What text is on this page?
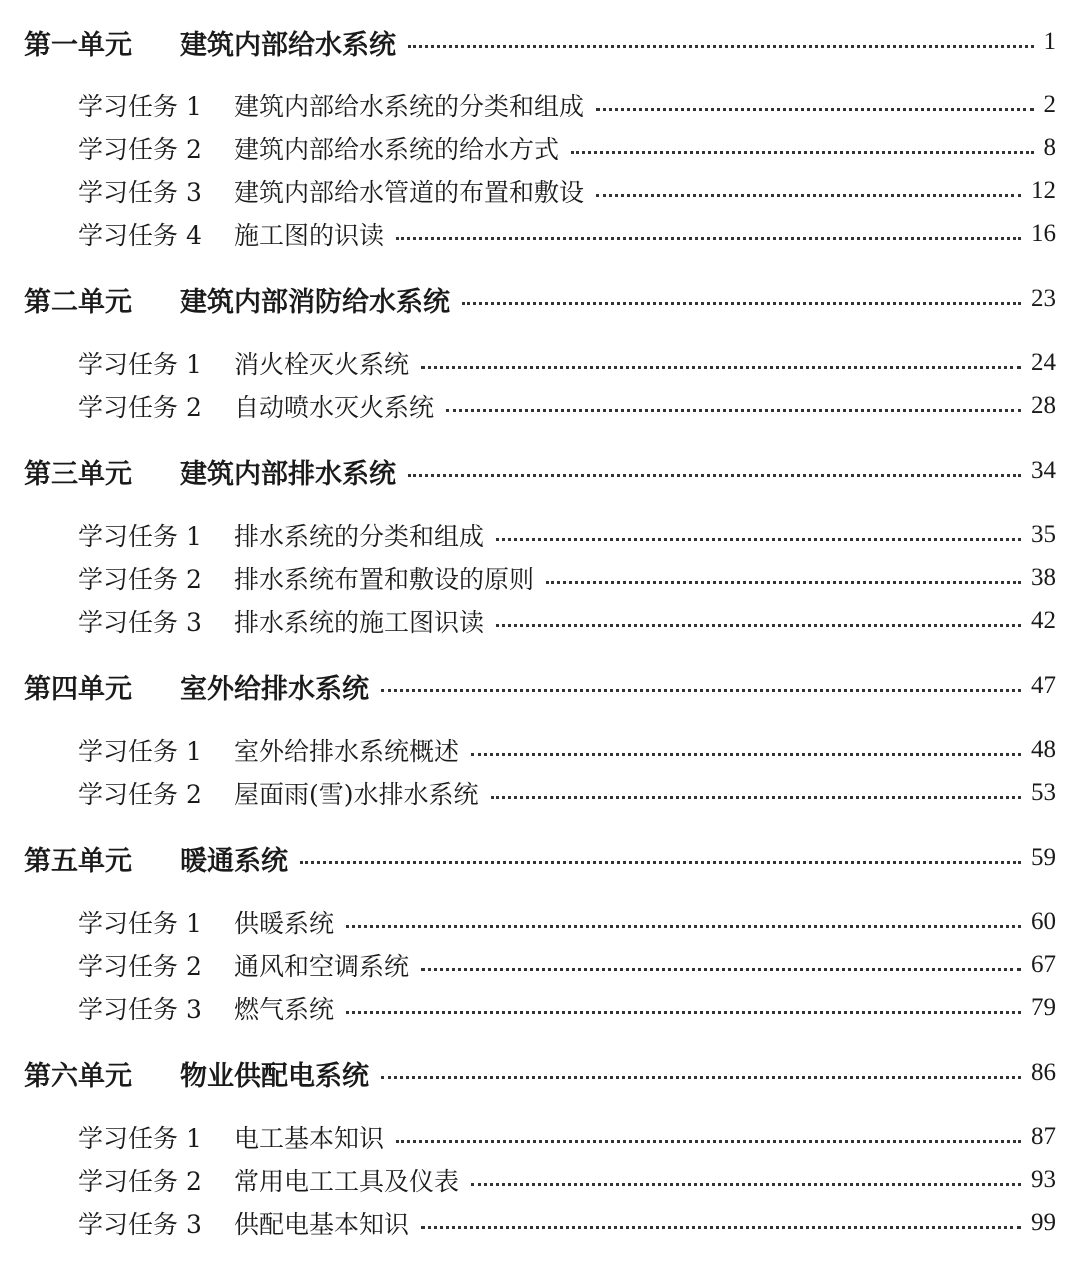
第一单元	建筑内部给水系统	1
学习任务 1	建筑内部给水系统的分类和组成	2
学习任务 2	建筑内部给水系统的给水方式	8
学习任务 3	建筑内部给水管道的布置和敷设	12
学习任务 4	施工图的识读	16
第二单元	建筑内部消防给水系统	23
学习任务 1	消火栓灭火系统	24
学习任务 2	自动喷水灭火系统	28
第三单元	建筑内部排水系统	34
学习任务 1	排水系统的分类和组成	35
学习任务 2	排水系统布置和敷设的原则	38
学习任务 3	排水系统的施工图识读	42
第四单元	室外给排水系统	47
学习任务 1	室外给排水系统概述	48
学习任务 2	屋面雨(雪)水排水系统	53
第五单元	暖通系统	59
学习任务 1	供暖系统	60
学习任务 2	通风和空调系统	67
学习任务 3	燃气系统	79
第六单元	物业供配电系统	86
学习任务 1	电工基本知识	87
学习任务 2	常用电工工具及仪表	93
学习任务 3	供配电基本知识	99
